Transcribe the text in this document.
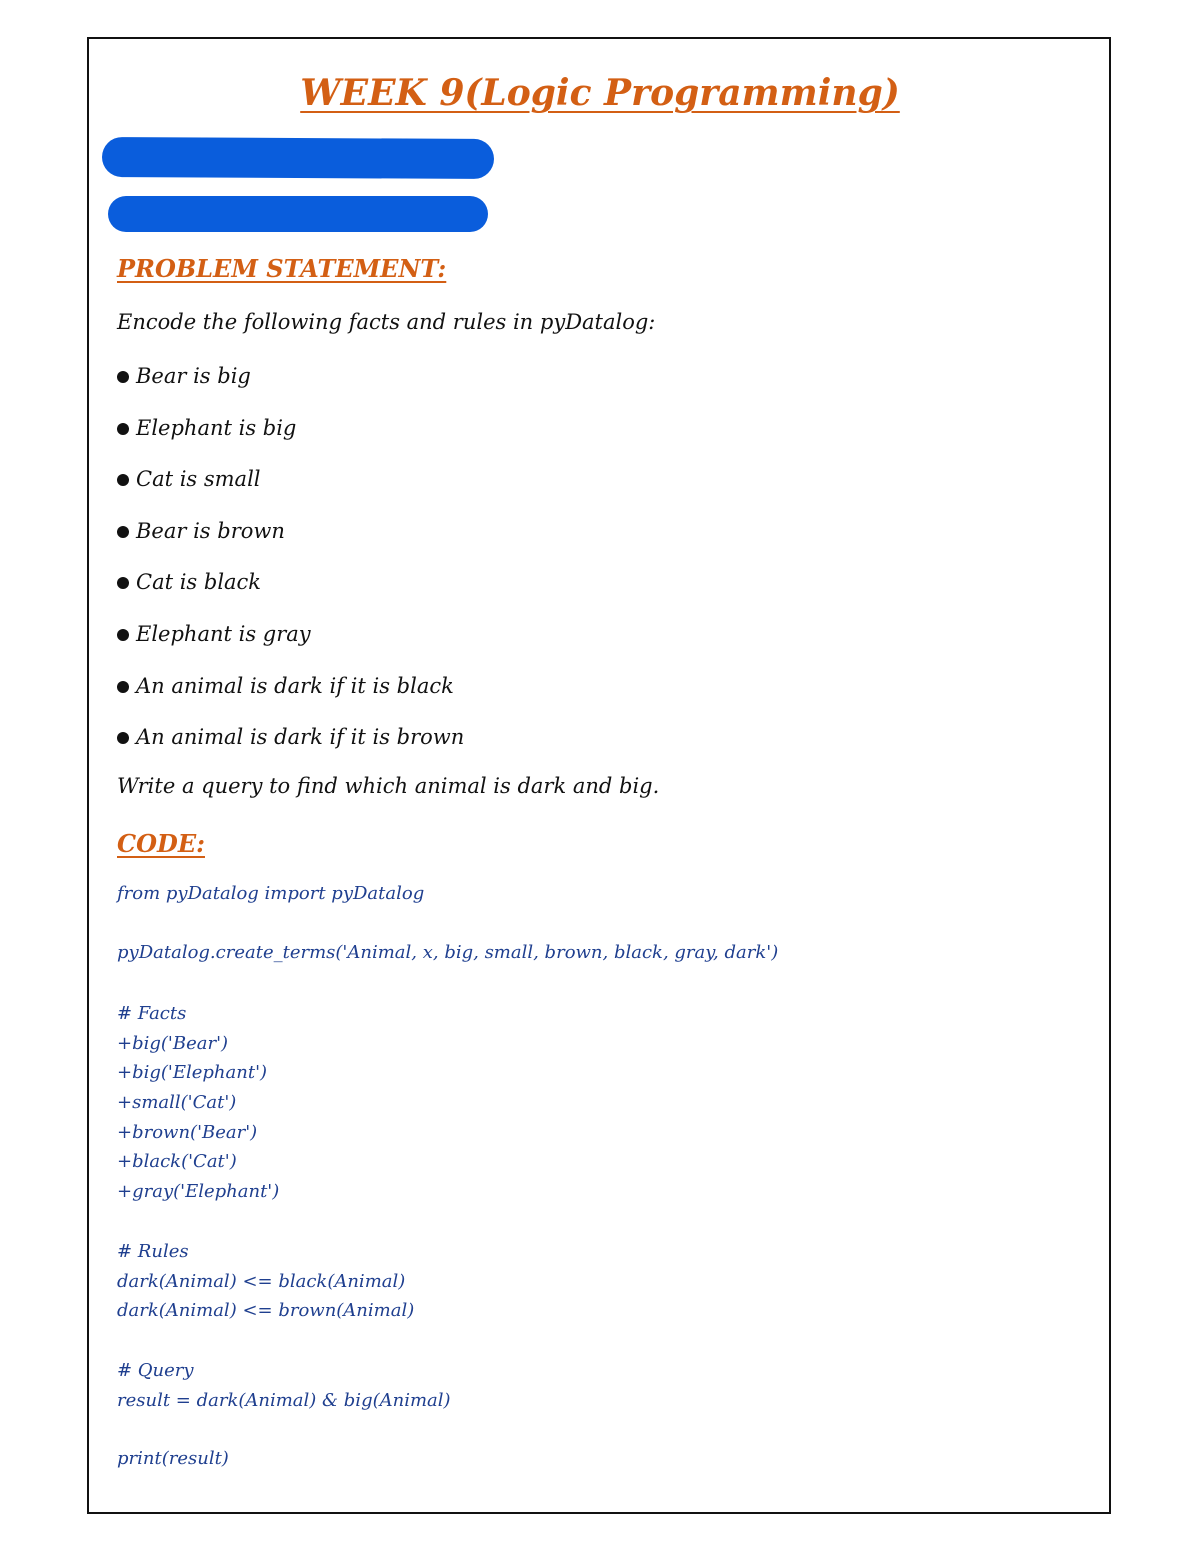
WEEK 9(Logic Programming)
PROBLEM STATEMENT:

Encode the following facts and rules in pyDatalog:

Bear is big
Elephant is big
Cat is small
Bear is brown
Cat is black
Elephant is gray
An animal is dark if it is black
An animal is dark if it is brown

Write a query to find which animal is dark and big.

CODE:

from pyDatalog import pyDatalog

pyDatalog.create_terms('Animal, x, big, small, brown, black, gray, dark')

# Facts
+big('Bear')
+big('Elephant')
+small('Cat')
+brown('Bear')
+black('Cat')
+gray('Elephant')
# Rules
dark(Animal) <= black(Animal)
dark(Animal) <= brown(Animal)
# Query
result = dark(Animal) & big(Animal)

print(result)
